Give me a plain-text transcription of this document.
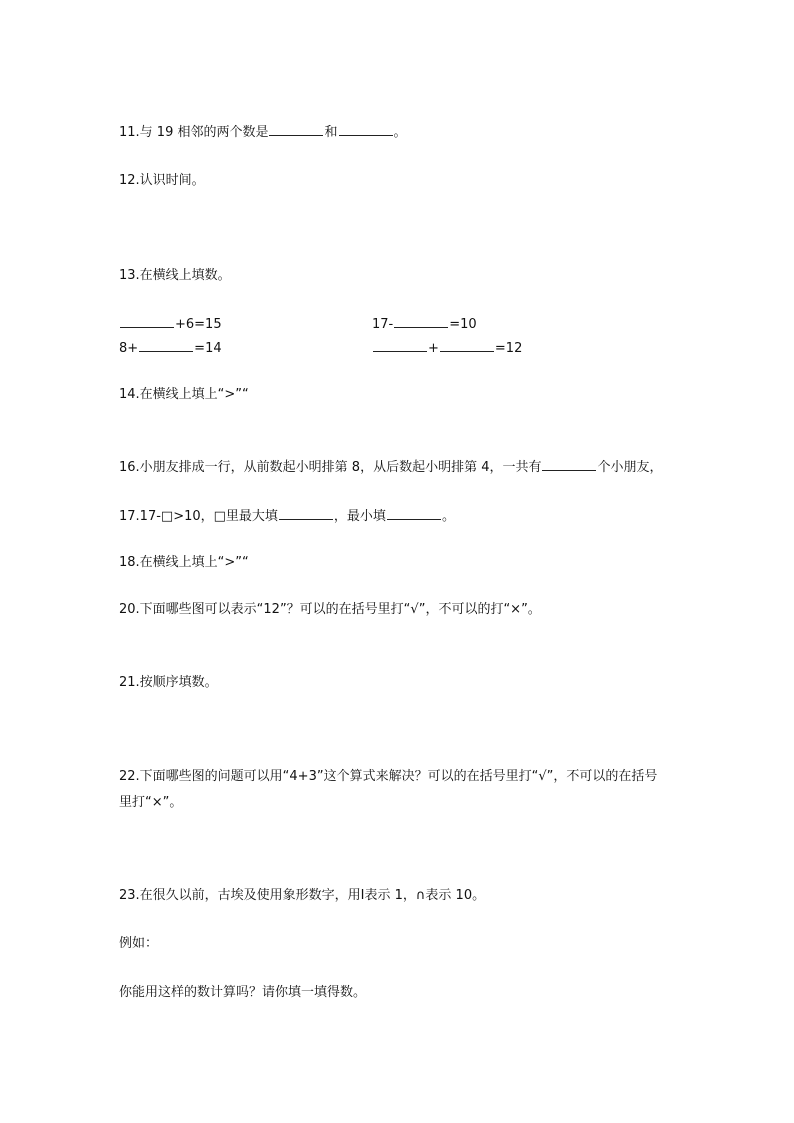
11.与 19 相邻的两个数是	和	。
12.认识时间。
13.在横线上填数。
+6=15	17-	=10
8+	=14	+	=12
14.在横线上填上“>”“
16.小朋友排成一行，从前数起小明排第 8，从后数起小明排第 4，一共有	个小朋友，
17.17-□>10，□里最大填	，最小填	。
18.在横线上填上“>”“
20.下面哪些图可以表示“12”？可以的在括号里打“√”，不可以的打“×”。
21.按顺序填数。
22.下面哪些图的问题可以用“4+3”这个算式来解决？可以的在括号里打“√”，不可以的在括号
里打“×”。
23.在很久以前，古埃及使用象形数字，用Ⅰ表示 1，∩表示 10。
例如：
你能用这样的数计算吗？请你填一填得数。
